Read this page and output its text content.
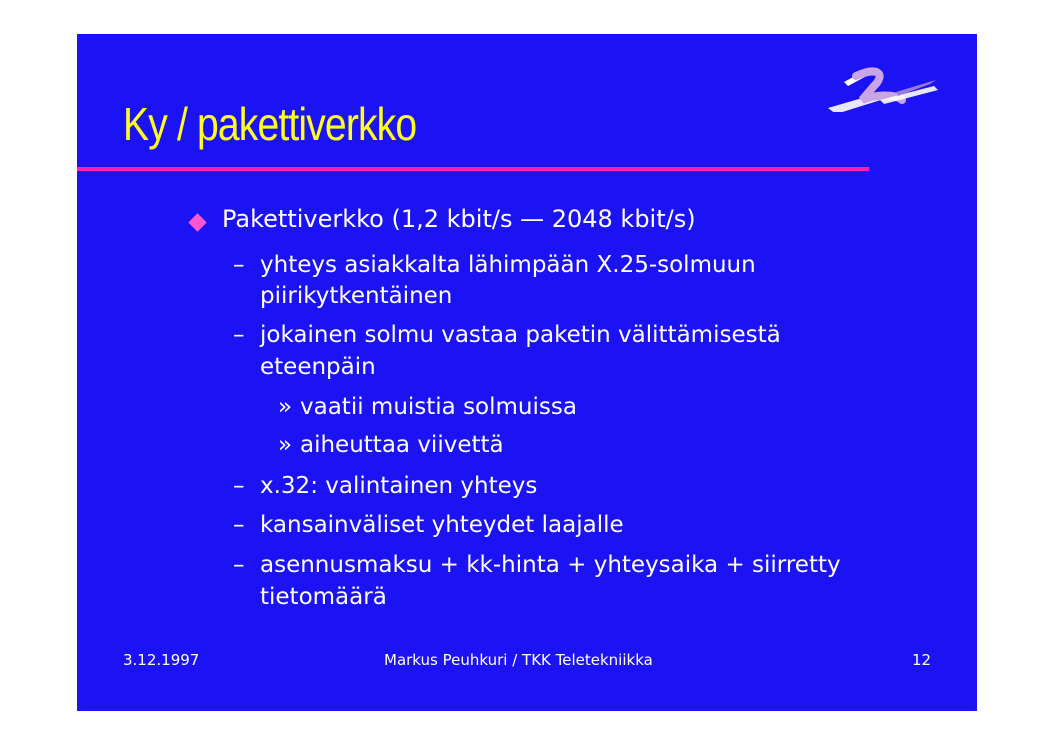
Ky / pakettiverkko
Pakettiverkko (1,2 kbit/s — 2048 kbit/s)
– yhteys asiakkalta lähimpään X.25-solmuun
piirikytkentäinen
– jokainen solmu vastaa paketin välittämisestä
eteenpäin
» vaatii muistia solmuissa
» aiheuttaa viivettä
– x.32: valintainen yhteys
– kansainväliset yhteydet laajalle
– asennusmaksu + kk-hinta + yhteysaika + siirretty
tietomäärä
3.12.1997	Markus Peuhkuri / TKK Teletekniikka	12
